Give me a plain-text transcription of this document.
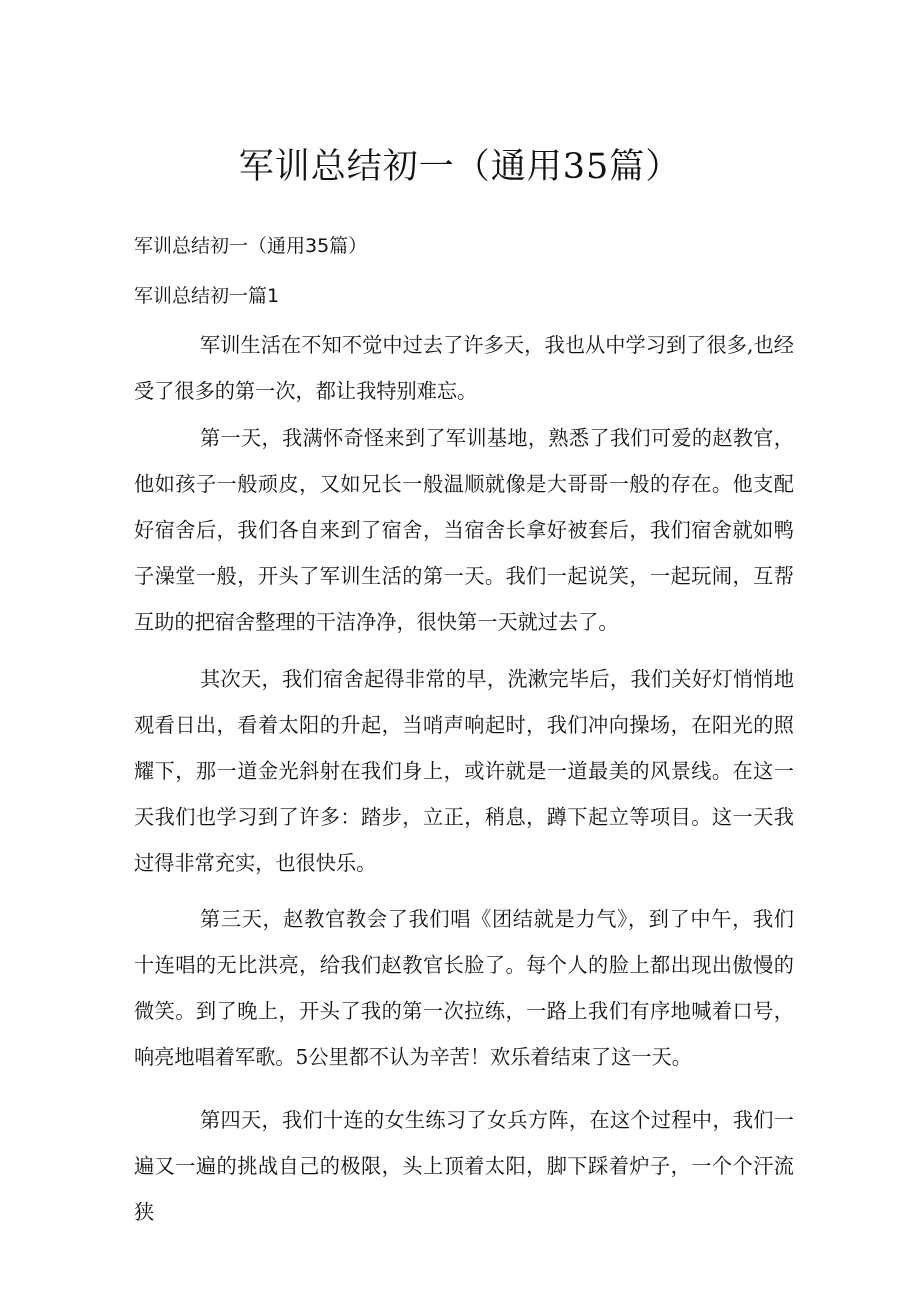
军训总结初一（通用35篇）
军训总结初一（通用35篇）
军训总结初一篇1

军训生活在不知不觉中过去了许多天，我也从中学习到了很多,也经受了很多的第一次，都让我特别难忘。

第一天，我满怀奇怪来到了军训基地，熟悉了我们可爱的赵教官，他如孩子一般顽皮，又如兄长一般温顺就像是大哥哥一般的存在。他支配好宿舍后，我们各自来到了宿舍，当宿舍长拿好被套后，我们宿舍就如鸭子澡堂一般，开头了军训生活的第一天。我们一起说笑，一起玩闹，互帮互助的把宿舍整理的干洁净净，很快第一天就过去了。

其次天，我们宿舍起得非常的早，洗漱完毕后，我们关好灯悄悄地观看日出，看着太阳的升起，当哨声响起时，我们冲向操场，在阳光的照耀下，那一道金光斜射在我们身上，或许就是一道最美的风景线。在这一天我们也学习到了许多：踏步，立正，稍息，蹲下起立等项目。这一天我过得非常充实，也很快乐。

第三天，赵教官教会了我们唱《团结就是力气》，到了中午，我们十连唱的无比洪亮，给我们赵教官长脸了。每个人的脸上都出现出傲慢的微笑。到了晚上，开头了我的第一次拉练，一路上我们有序地喊着口号，响亮地唱着军歌。5公里都不认为辛苦！欢乐着结束了这一天。

第四天，我们十连的女生练习了女兵方阵，在这个过程中，我们一遍又一遍的挑战自己的极限，头上顶着太阳，脚下踩着炉子，一个个汗流狭
